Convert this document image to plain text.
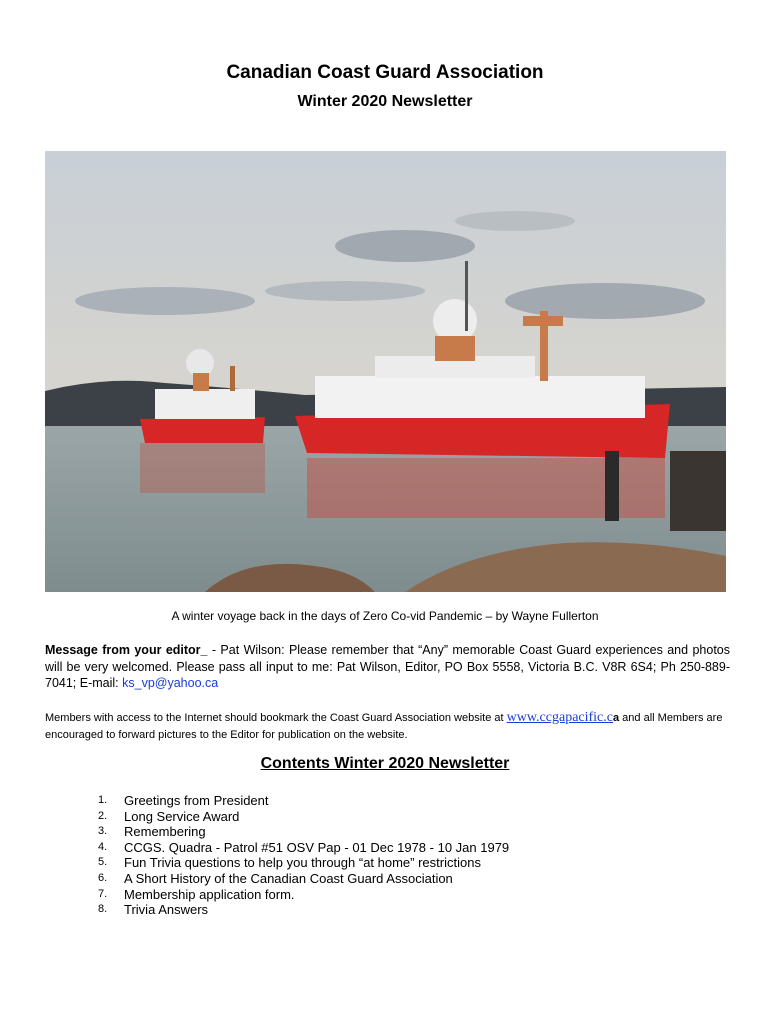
Canadian Coast Guard Association
Winter 2020 Newsletter
A winter voyage back in the days of Zero Co-vid Pandemic – by Wayne Fullerton
Message from your editor_ - Pat Wilson: Please remember that “Any” memorable Coast Guard experiences and photos will be very welcomed. Please pass all input to me: Pat Wilson, Editor, PO Box 5558, Victoria B.C. V8R 6S4; Ph 250-889-7041; E-mail: ks_vp@yahoo.ca
Members with access to the Internet should bookmark the Coast Guard Association website at www.ccgapacific.ca and all Members are encouraged to forward pictures to the Editor for publication on the website.
Contents Winter 2020 Newsletter
1.	Greetings from President
2.	Long Service Award
3.	Remembering
4.	CCGS. Quadra - Patrol #51 OSV Pap - 01 Dec 1978 - 10 Jan 1979
5.	Fun Trivia questions to help you through “at home” restrictions
6.	A Short History of the Canadian Coast Guard Association
7.	Membership application form.
8.	Trivia Answers
